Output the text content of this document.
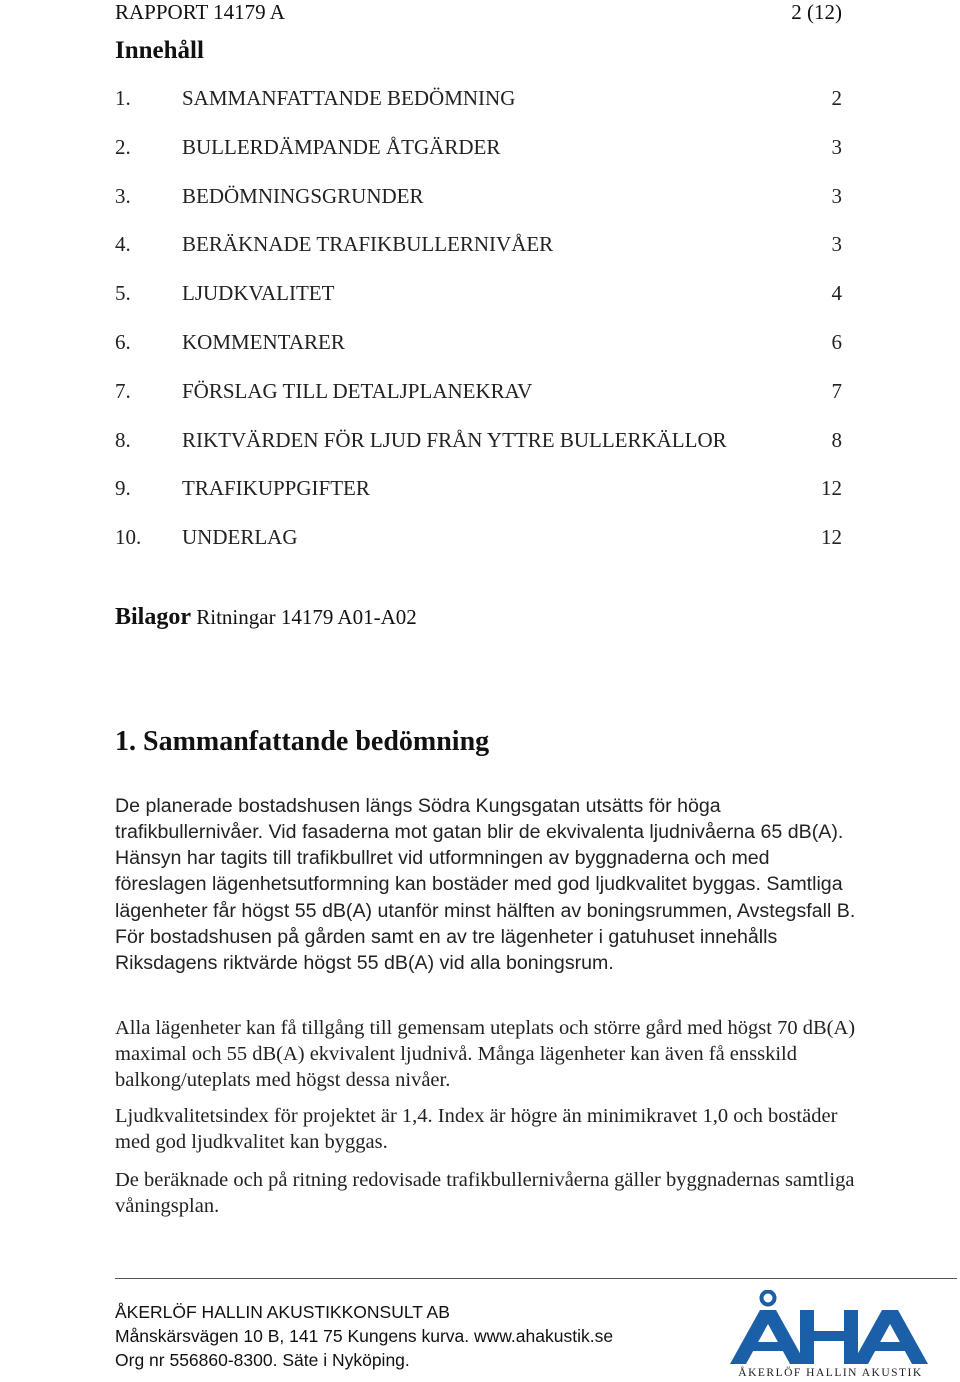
RAPPORT 14179 A	2 (12)
Innehåll
1. SAMMANFATTANDE BEDÖMNING	2
2. BULLERDÄMPANDE ÅTGÄRDER	3
3. BEDÖMNINGSGRUNDER	3
4. BERÄKNADE TRAFIKBULLERNIVÅER	3
5. LJUDKVALITET	4
6. KOMMENTARER	6
7. FÖRSLAG TILL DETALJPLANEKRAV	7
8. RIKTVÄRDEN FÖR LJUD FRÅN YTTRE BULLERKÄLLOR	8
9. TRAFIKUPPGIFTER	12
10. UNDERLAG	12
Bilagor Ritningar 14179 A01-A02
1. Sammanfattande bedömning

De planerade bostadshusen längs Södra Kungsgatan utsätts för höga trafikbullernivåer. Vid fasaderna mot gatan blir de ekvivalenta ljudnivåerna 65 dB(A). Hänsyn har tagits till trafikbullret vid utformningen av byggnaderna och med föreslagen lägenhetsutformning kan bostäder med god ljudkvalitet byggas. Samtliga lägenheter får högst 55 dB(A) utanför minst hälften av boningsrummen, Avstegsfall B. För bostadshusen på gården samt en av tre lägenheter i gatuhuset innehålls Riksdagens riktvärde högst 55 dB(A) vid alla boningsrum.

Alla lägenheter kan få tillgång till gemensam uteplats och större gård med högst 70 dB(A) maximal och 55 dB(A) ekvivalent ljudnivå. Många lägenheter kan även få ensskild balkong/uteplats med högst dessa nivåer.

Ljudkvalitetsindex för projektet är 1,4. Index är högre än minimikravet 1,0 och bostäder med god ljudkvalitet kan byggas.

De beräknade och på ritning redovisade trafikbullernivåerna gäller byggnadernas samtliga våningsplan.

ÅKERLÖF HALLIN AKUSTIKKONSULT AB
Månskärsvägen 10 B, 141 75 Kungens kurva. www.ahakustik.se
Org nr 556860-8300. Säte i Nyköping.
ÅKERLÖF HALLIN AKUSTIK
